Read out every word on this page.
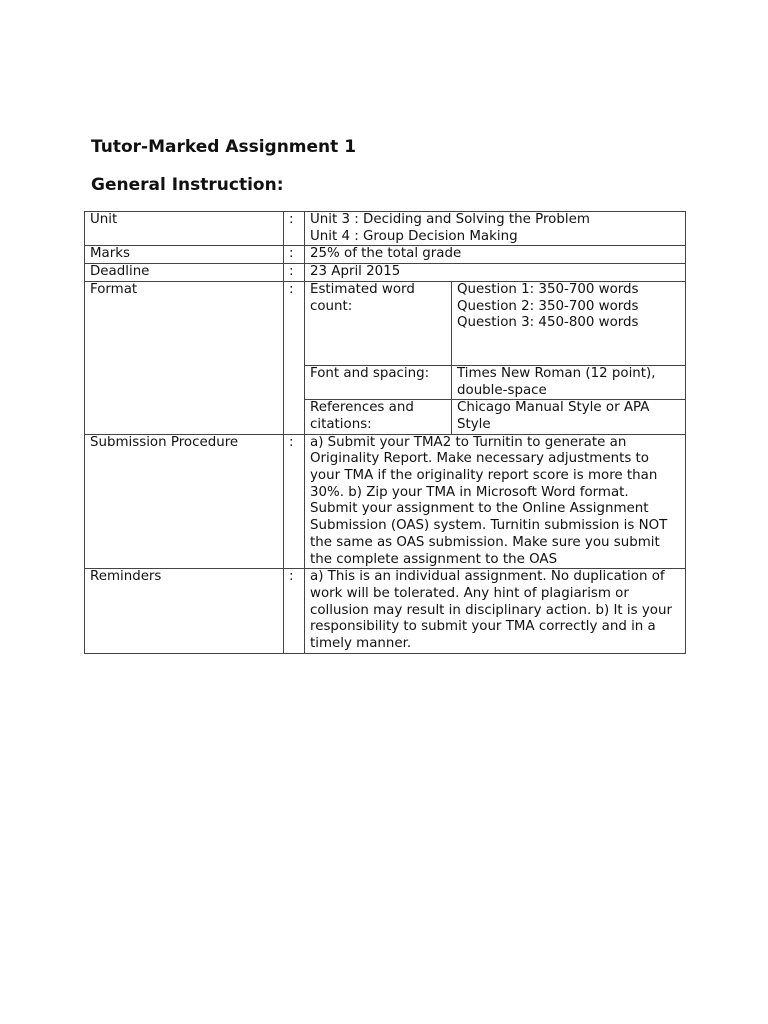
Tutor-Marked Assignment 1
General Instruction:
Unit	:	Unit 3 : Deciding and Solving the Problem
Unit 4 : Group Decision Making	

Marks	:	25% of the total grade	
Deadline	:	23 April 2015	
Format	:	Estimated word count:	Question 1: 350-700 words
Question 2: 350-700 words
Question 3: 450-800 words

		Font and spacing:	Times New Roman (12 point), double-space
		References and citations:	Chicago Manual Style or APA Style
Submission Procedure	:	a) Submit your TMA2 to Turnitin to generate an Originality Report. Make necessary adjustments to your TMA if the originality report score is more than 30%. b) Zip your TMA in Microsoft Word format. Submit your assignment to the Online Assignment Submission (OAS) system. Turnitin submission is NOT the same as OAS submission. Make sure you submit the complete assignment to the OAS	
Reminders	:	a) This is an individual assignment. No duplication of work will be tolerated. Any hint of plagiarism or collusion may result in disciplinary action. b) It is your responsibility to submit your TMA correctly and in a timely manner.	
